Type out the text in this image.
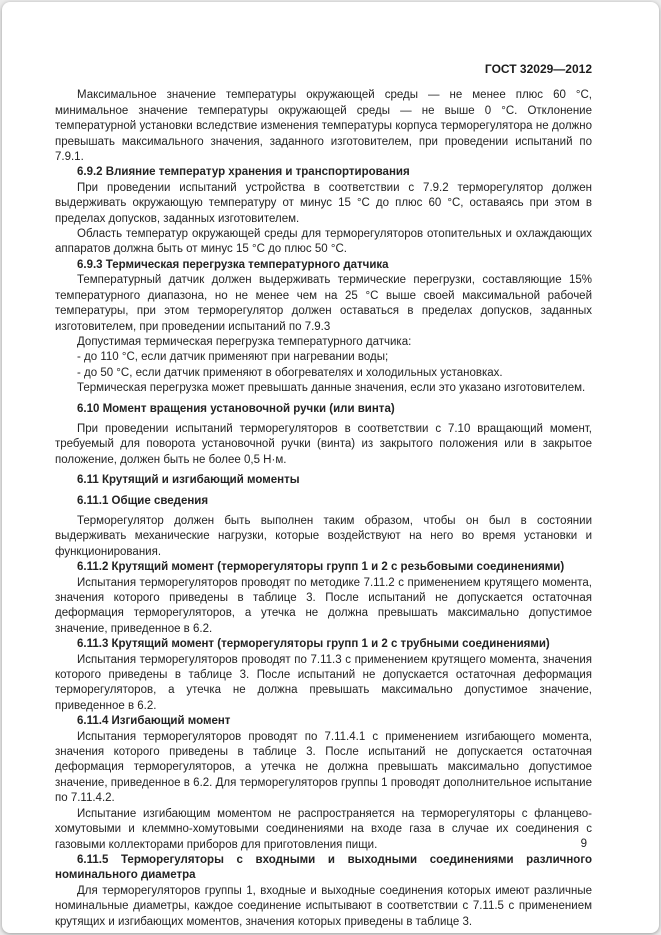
ГОСТ 32029—2012

Максимальное значение температуры окружающей среды — не менее плюс 60 °С, минимальное значение температуры окружающей среды — не выше 0 °С. Отклонение температурной установки вследствие изменения температуры корпуса терморегулятора не должно превышать максимального значения, заданного изготовителем, при проведении испытаний по 7.9.1.

6.9.2 Влияние температур хранения и транспортирования

При проведении испытаний устройства в соответствии с 7.9.2 терморегулятор должен выдерживать окружающую температуру от минус 15 °С до плюс 60 °С, оставаясь при этом в пределах допусков, заданных изготовителем.

Область температур окружающей среды для терморегуляторов отопительных и охлаждающих аппаратов должна быть от минус 15 °С до плюс 50 °С.

6.9.3 Термическая перегрузка температурного датчика

Температурный датчик должен выдерживать термические перегрузки, составляющие 15% температурного диапазона, но не менее чем на 25 °С выше своей максимальной рабочей температуры, при этом терморегулятор должен оставаться в пределах допусков, заданных изготовителем, при проведении испытаний по 7.9.3

Допустимая термическая перегрузка температурного датчика:

- до 110 °С, если датчик применяют при нагревании воды;

- до 50 °С, если датчик применяют в обогревателях и холодильных установках.

Термическая перегрузка может превышать данные значения, если это указано изготовителем.

6.10 Момент вращения установочной ручки (или винта)

При проведении испытаний терморегуляторов в соответствии с 7.10 вращающий момент, требуемый для поворота установочной ручки (винта) из закрытого положения или в закрытое положение, должен быть не более 0,5 Н·м.

6.11 Крутящий и изгибающий моменты

6.11.1 Общие сведения

Терморегулятор должен быть выполнен таким образом, чтобы он был в состоянии выдерживать механические нагрузки, которые воздействуют на него во время установки и функционирования.

6.11.2 Крутящий момент (терморегуляторы групп 1 и 2 с резьбовыми соединениями)

Испытания терморегуляторов проводят по методике 7.11.2 с применением крутящего момента, значения которого приведены в таблице 3. После испытаний не допускается остаточная деформация терморегуляторов, а утечка не должна превышать максимально допустимое значение, приведенное в 6.2.

6.11.3 Крутящий момент (терморегуляторы групп 1 и 2 с трубными соединениями)

Испытания терморегуляторов проводят по 7.11.3 с применением крутящего момента, значения которого приведены в таблице 3. После испытаний не допускается остаточная деформация терморегуляторов, а утечка не должна превышать максимально допустимое значение, приведенное в 6.2.

6.11.4 Изгибающий момент

Испытания терморегуляторов проводят по 7.11.4.1 с применением изгибающего момента, значения которого приведены в таблице 3. После испытаний не допускается остаточная деформация терморегуляторов, а утечка не должна превышать максимально допустимое значение, приведенное в 6.2. Для терморегуляторов группы 1 проводят дополнительное испытание по 7.11.4.2.

Испытание изгибающим моментом не распространяется на терморегуляторы с фланцево-хомутовыми и клеммно-хомутовыми соединениями на входе газа в случае их соединения с газовыми коллекторами приборов для приготовления пищи.

6.11.5 Терморегуляторы с входными и выходными соединениями различного номинального диаметра

Для терморегуляторов группы 1, входные и выходные соединения которых имеют различные номинальные диаметры, каждое соединение испытывают в соответствии с 7.11.5 с применением крутящих и изгибающих моментов, значения которых приведены в таблице 3.

9
